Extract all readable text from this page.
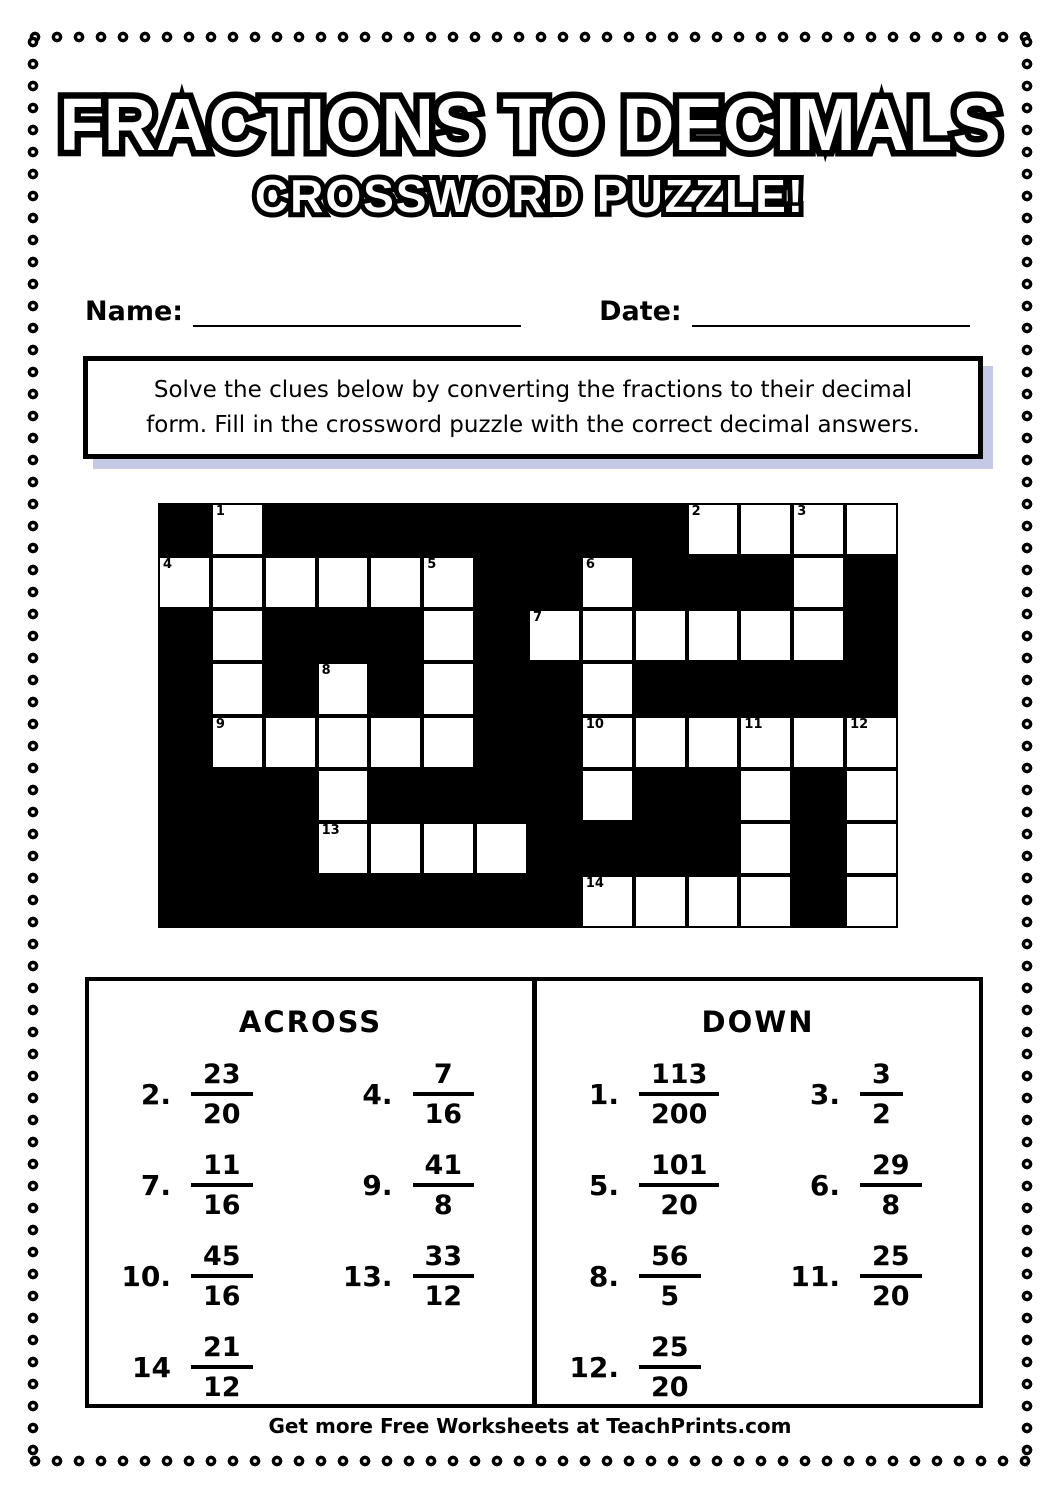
FRACTIONS TO DECIMALS FRACTIONS TO DECIMALS
CROSSWORD PUZZLE! CROSSWORD PUZZLE!
Name:	Date:
Solve the clues below by converting the fractions to their decimal
form. Fill in the crossword puzzle with the correct decimal answers.
1	2	3
4	5	6
7
8
9	10	11	12
13
14
ACROSS
2. $\frac{23}{20}$	4. $\frac{7}{16}$
7. $\frac{11}{16}$	9. $\frac{41}{8}$
10. $\frac{45}{16}$	13. $\frac{33}{12}$
$14 \frac{21}{12}$
DOWN
1. $\frac{113}{200}$	3. $\frac{3}{2}$
5. $\frac{101}{20}$	6. $\frac{29}{8}$
8. $\frac{56}{5}$	11. $\frac{25}{20}$
12. $\frac{25}{20}$
Get more Free Worksheets at TeachPrints.com
